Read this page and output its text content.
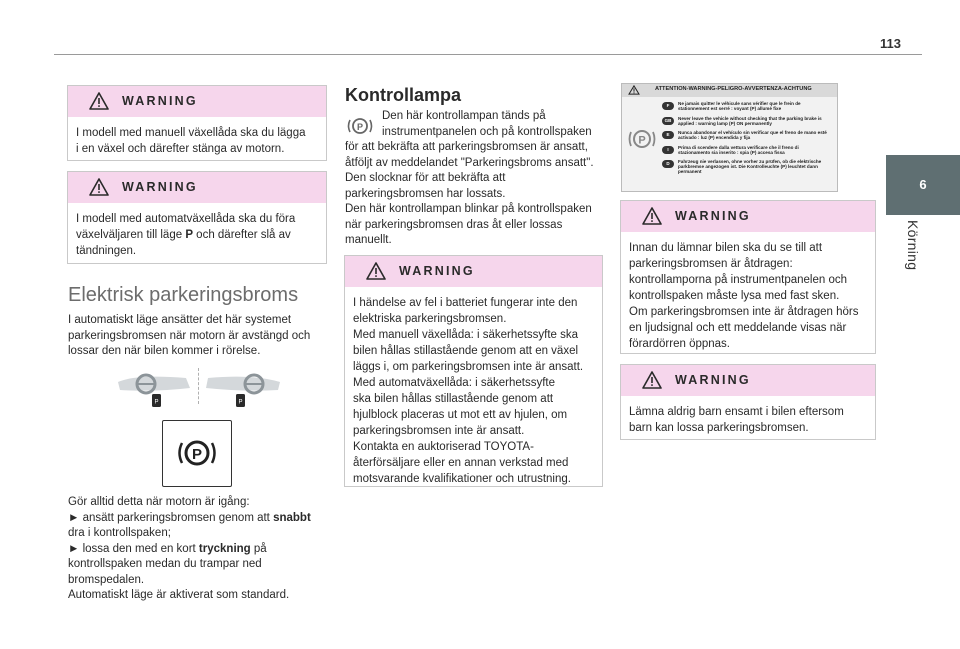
113
6
Körning
WARNING

I modell med manuell växellåda ska du lägga

i en växel och därefter stänga av motorn.

WARNING

I modell med automatväxellåda ska du föra

växelväljaren till läge P och därefter slå av

tändningen.

Elektrisk parkeringsbroms
I automatiskt läge ansätter det här systemet
parkeringsbromsen när motorn är avstängd och
lossar den när bilen kommer i rörelse.
P	P
P
Gör alltid detta när motorn är igång:
► ansätt parkeringsbromsen genom att snabbt
dra i kontrollspaken;
► lossa den med en kort tryckning på
kontrollspaken medan du trampar ned
bromspedalen.
Automatiskt läge är aktiverat som standard.
Kontrollampa
P
Den här kontrollampan tänds på
instrumentpanelen och på kontrollspaken
för att bekräfta att parkeringsbromsen är ansatt,
åtföljt av meddelandet "Parkeringsbroms ansatt".
Den slocknar för att bekräfta att
parkeringsbromsen har lossats.
Den här kontrollampan blinkar på kontrollspaken
när parkeringsbromsen dras åt eller lossas
manuellt.
WARNING

I händelse av fel i batteriet fungerar inte den

elektriska parkeringsbromsen.

Med manuell växellåda: i säkerhetssyfte ska

bilen hållas stillastående genom att en växel

läggs i, om parkeringsbromsen inte är ansatt.

Med automatväxellåda: i säkerhetssyfte

ska bilen hållas stillastående genom att

hjulblock placeras ut mot ett av hjulen, om

parkeringsbromsen inte är ansatt.

Kontakta en auktoriserad TOYOTA-

återförsäljare eller en annan verkstad med

motsvarande kvalifikationer och utrustning.

ATTENTION-WARNING-PELIGRO-AVVERTENZA-ACHTUNG
P
F	Ne jamais quitter le véhicule sans vérifier que le frein de stationnement est serré : voyant (P) allumé fixe
GB	Never leave the vehicle without checking that the parking brake is applied : warning lamp (P) ON permanently
E	Nunca abandonar el vehículo sin verificar que el freno de mano esté activado : luz (P) encendida y fija
I	Prima di scendere dalla vettura verificare che il freno di stazionamento sia inserito : spia (P) accesa fissa
D	Fahrzeug nie verlassen, ohne vorher zu prüfen, ob die elektrische parkbremse angezogen ist. Die Kontrolleuchte (P) leuchtet dann permanent
WARNING

Innan du lämnar bilen ska du se till att

parkeringsbromsen är åtdragen:

kontrollamporna på instrumentpanelen och

kontrollspaken måste lysa med fast sken.

Om parkeringsbromsen inte är åtdragen hörs

en ljudsignal och ett meddelande visas när

förardörren öppnas.

WARNING

Lämna aldrig barn ensamt i bilen eftersom

barn kan lossa parkeringsbromsen.
